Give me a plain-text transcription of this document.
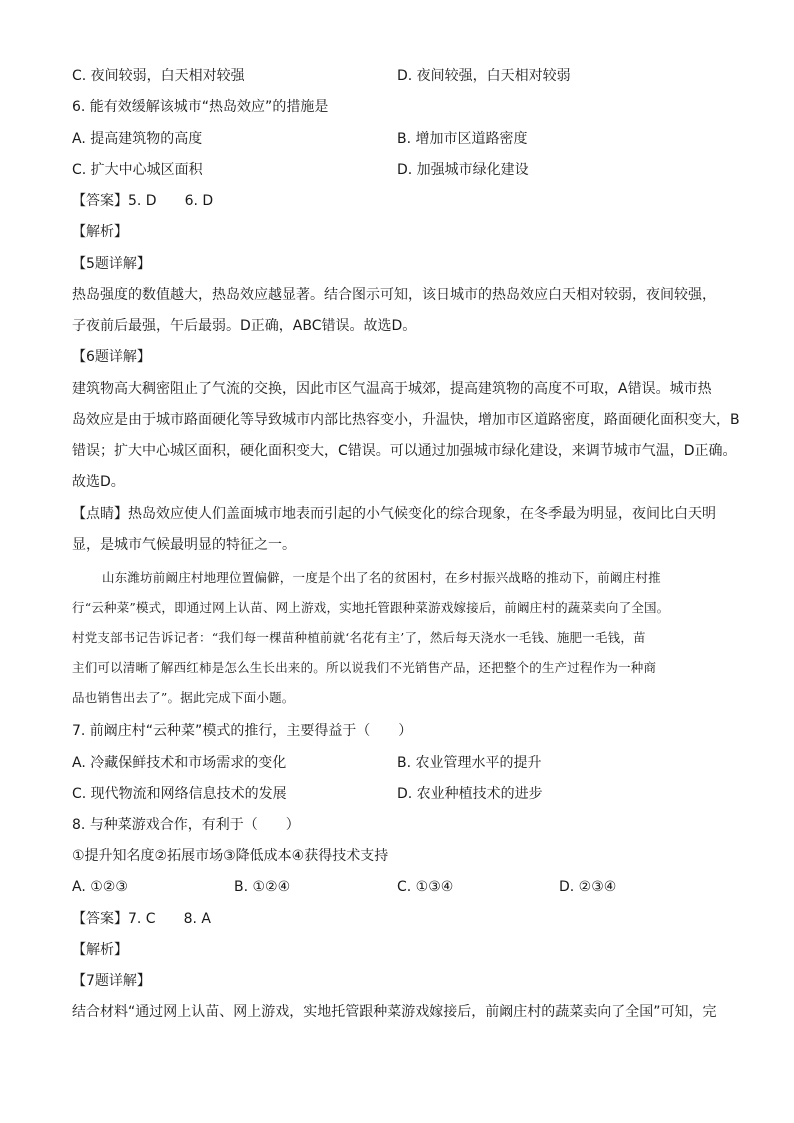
C. 夜间较弱，白天相对较强	D. 夜间较强，白天相对较弱
6. 能有效缓解该城市“热岛效应”的措施是
A. 提高建筑物的高度	B. 增加市区道路密度
C. 扩大中心城区面积	D. 加强城市绿化建设
【答案】5. D　　6. D
【解析】
【5题详解】
热岛强度的数值越大，热岛效应越显著。结合图示可知，该日城市的热岛效应白天相对较弱，夜间较强，
子夜前后最强，午后最弱。D正确，ABC错误。故选D。
【6题详解】
建筑物高大稠密阻止了气流的交换，因此市区气温高于城郊，提高建筑物的高度不可取，A错误。城市热
岛效应是由于城市路面硬化等导致城市内部比热容变小，升温快，增加市区道路密度，路面硬化面积变大，B
错误；扩大中心城区面积，硬化面积变大，C错误。可以通过加强城市绿化建设，来调节城市气温，D正确。
故选D。
【点睛】热岛效应使人们盖面城市地表而引起的小气候变化的综合现象，在冬季最为明显，夜间比白天明
显，是城市气候最明显的特征之一。
山东潍坊前阚庄村地理位置偏僻，一度是个出了名的贫困村，在乡村振兴战略的推动下，前阚庄村推
行“云种菜”模式，即通过网上认苗、网上游戏，实地托管跟种菜游戏嫁接后，前阚庄村的蔬菜卖向了全国。
村党支部书记告诉记者：“我们每一棵苗种植前就‘名花有主’了，然后每天浇水一毛钱、施肥一毛钱，苗
主们可以清晰了解西红柿是怎么生长出来的。所以说我们不光销售产品，还把整个的生产过程作为一种商
品也销售出去了”。据此完成下面小题。
7. 前阚庄村“云种菜”模式的推行，主要得益于（　　）
A. 冷藏保鲜技术和市场需求的变化	B. 农业管理水平的提升
C. 现代物流和网络信息技术的发展	D. 农业种植技术的进步
8. 与种菜游戏合作，有利于（　　）
①提升知名度②拓展市场③降低成本④获得技术支持
A. ①②③	B. ①②④	C. ①③④	D. ②③④
【答案】7. C　　8. A
【解析】
【7题详解】
结合材料“通过网上认苗、网上游戏，实地托管跟种菜游戏嫁接后，前阚庄村的蔬菜卖向了全国”可知，完
